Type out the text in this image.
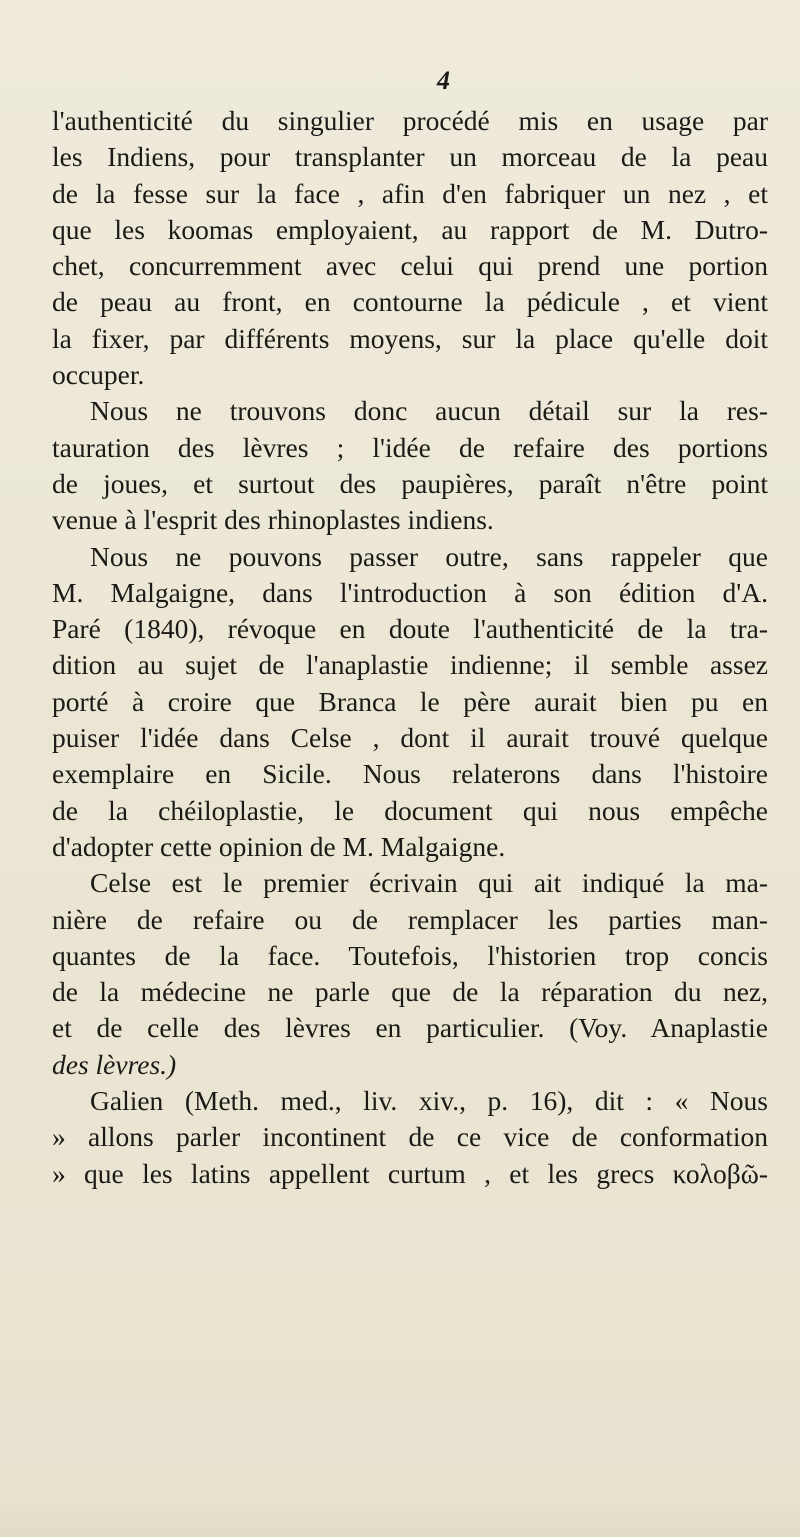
4

l'authenticité du singulier procédé mis en usage par
les Indiens, pour transplanter un morceau de la peau
de la fesse sur la face , afin d'en fabriquer un nez , et
que les koomas employaient, au rapport de M. Dutro-
chet, concurremment avec celui qui prend une portion
de peau au front, en contourne la pédicule , et vient
la fixer, par différents moyens, sur la place qu'elle doit
occuper.

Nous ne trouvons donc aucun détail sur la res-
tauration des lèvres ; l'idée de refaire des portions
de joues, et surtout des paupières, paraît n'être point
venue à l'esprit des rhinoplastes indiens.

Nous ne pouvons passer outre, sans rappeler que
M. Malgaigne, dans l'introduction à son édition d'A.
Paré (1840), révoque en doute l'authenticité de la tra-
dition au sujet de l'anaplastie indienne; il semble assez
porté à croire que Branca le père aurait bien pu en
puiser l'idée dans Celse , dont il aurait trouvé quelque
exemplaire en Sicile. Nous relaterons dans l'histoire
de la chéiloplastie, le document qui nous empêche
d'adopter cette opinion de M. Malgaigne.

Celse est le premier écrivain qui ait indiqué la ma-
nière de refaire ou de remplacer les parties man-
quantes de la face. Toutefois, l'historien trop concis
de la médecine ne parle que de la réparation du nez,
et de celle des lèvres en particulier. (Voy. Anaplastie
des lèvres.)

Galien (Meth. med., liv. xiv., p. 16), dit : « Nous
» allons parler incontinent de ce vice de conformation
» que les latins appellent curtum , et les grecs κολοβῶ-
